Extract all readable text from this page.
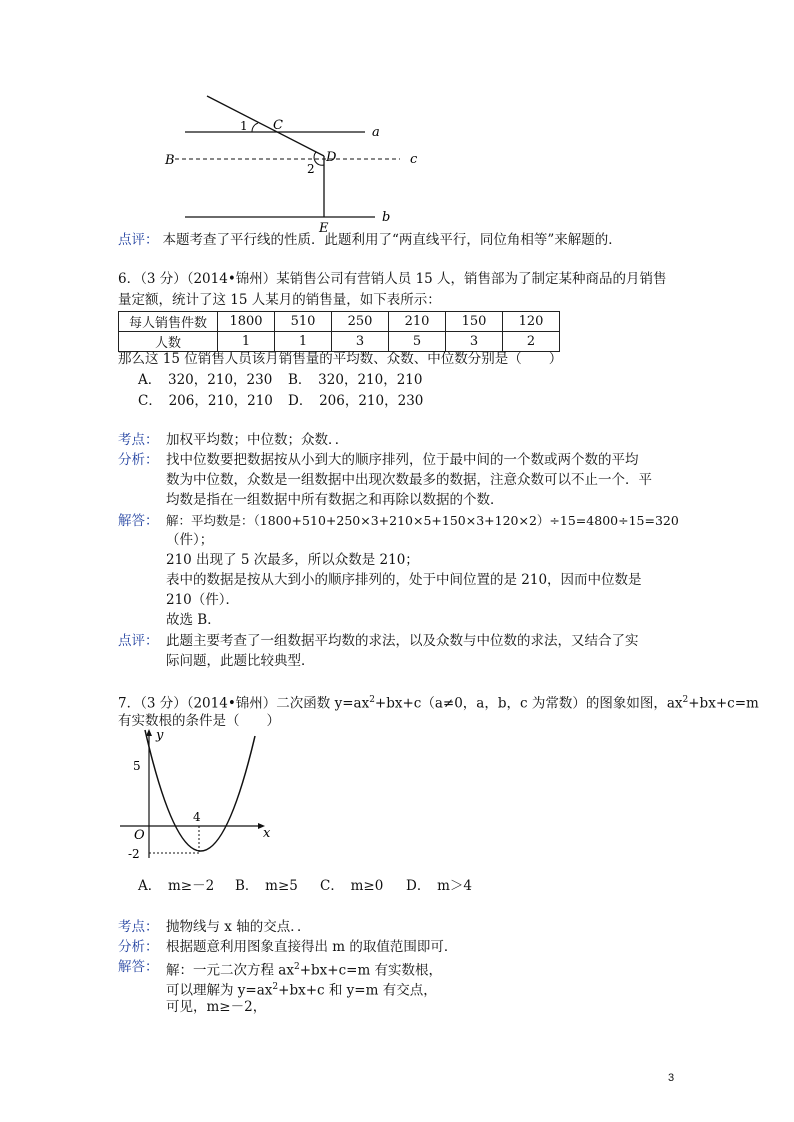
1 C	a
B	D	c
2
b
E
点评： 本题考查了平行线的性质．此题利用了“两直线平行，同位角相等”来解题的．
6．（3 分）（2014•锦州）某销售公司有营销人员 15 人，销售部为了制定某种商品的月销售
量定额，统计了这 15 人某月的销售量，如下表所示：
每人销售件数	1800	510	250	210	150	120
人数	1	1	3	5	3	2
那么这 15 位销售人员该月销售量的平均数、众数、中位数分别是（　　）
A．　320，210，230 B．　320，210，210
C．　206，210，210 D．　206，210，230
考点： 加权平均数；中位数；众数．．
分析： 找中位数要把数据按从小到大的顺序排列，位于最中间的一个数或两个数的平均
数为中位数，众数是一组数据中出现次数最多的数据，注意众数可以不止一个．平
均数是指在一组数据中所有数据之和再除以数据的个数．
解答： 解：平均数是：（1800+510+250×3+210×5+150×3+120×2）÷15=4800÷15=320
（件）；
210 出现了 5 次最多，所以众数是 210；
表中的数据是按从大到小的顺序排列的，处于中间位置的是 210，因而中位数是
210（件）．
故选 B．
点评： 此题主要考查了一组数据平均数的求法，以及众数与中位数的求法，又结合了实
际问题，此题比较典型．
7．（3 分）（2014•锦州）二次函数 $y=ax^2+bx+c(a\ne 0$，a，b，c 为常数）的图象如图，$ax^2+bx+c=m$
有实数根的条件是（　　）
y
5
4
O	x
-2
A．　m≥－2 B．　m≥5 C．　m≥0 D．　m＞4
考点： 抛物线与 x 轴的交点．．
分析： 根据题意利用图象直接得出 m 的取值范围即可．
解答： 解：一元二次方程 $ax^2+bx+c=m$ 有实数根，
可以理解为 $y=ax^2+bx+c$ 和 y=m 有交点，
可见，m≥－2，
3
